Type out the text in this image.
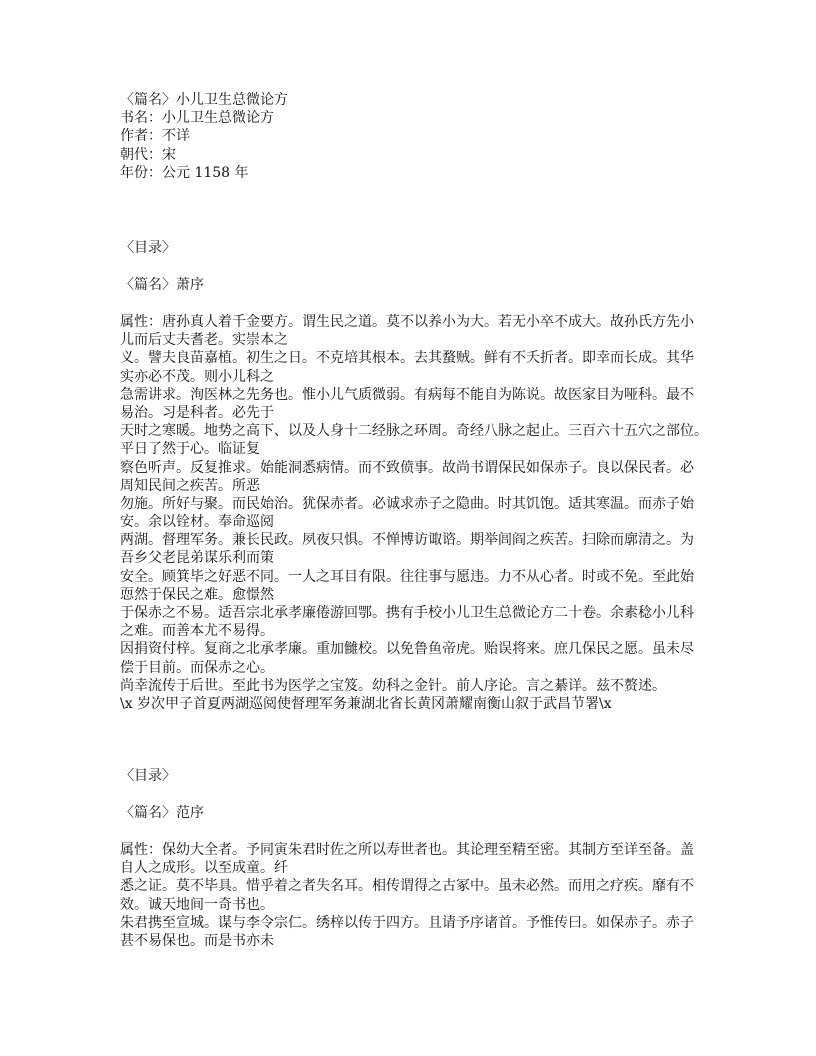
〈篇名〉小儿卫生总微论方
书名：小儿卫生总微论方
作者：不详
朝代：宋
年份：公元 1158 年
〈目录〉
〈篇名〉萧序
属性：唐孙真人着千金要方。谓生民之道。莫不以养小为大。若无小卒不成大。故孙氏方先小
儿而后丈夫耆老。实崇本之
义。譬夫良苗嘉植。初生之日。不克培其根本。去其蝥贼。鲜有不夭折者。即幸而长成。其华
实亦必不茂。则小儿科之
急需讲求。洵医林之先务也。惟小儿气质微弱。有病每不能自为陈说。故医家目为哑科。最不
易治。习是科者。必先于
天时之寒暖。地势之高下、以及人身十二经脉之环周。奇经八脉之起止。三百六十五穴之部位。
平日了然于心。临证复
察色听声。反复推求。始能洞悉病情。而不致偾事。故尚书谓保民如保赤子。良以保民者。必
周知民间之疾苦。所恶
勿施。所好与聚。而民始治。犹保赤者。必诚求赤子之隐曲。时其饥饱。适其寒温。而赤子始
安。余以铨材。奉命巡阅
两湖。督理军务。兼长民政。夙夜只惧。不惮博访诹谘。期举闾阎之疾苦。扫除而廓清之。为
吾乡父老昆弟谋乐利而策
安全。顾箕毕之好恶不同。一人之耳目有限。往往事与愿违。力不从心者。时或不免。至此始
恧然于保民之难。愈憬然
于保赤之不易。适吾宗北承孝廉倦游回鄂。携有手校小儿卫生总微论方二十卷。余素稔小儿科
之难。而善本尤不易得。
因捐资付梓。复商之北承孝廉。重加雠校。以免鲁鱼帝虎。贻误将来。庶几保民之愿。虽未尽
偿于目前。而保赤之心。
尚幸流传于后世。至此书为医学之宝笈。幼科之金针。前人序论。言之綦详。兹不赘述。
\x 岁次甲子首夏两湖巡阅使督理军务兼湖北省长黄冈萧耀南衡山叙于武昌节署\x
〈目录〉
〈篇名〉范序
属性：保幼大全者。予同寅朱君时佐之所以寿世者也。其论理至精至密。其制方至详至备。盖
自人之成形。以至成童。纤
悉之证。莫不毕具。惜乎着之者失名耳。相传谓得之古冢中。虽未必然。而用之疗疾。靡有不
效。诚天地间一奇书也。
朱君携至宣城。谋与李令宗仁。绣梓以传于四方。且请予序诸首。予惟传曰。如保赤子。赤子
甚不易保也。而是书亦未
